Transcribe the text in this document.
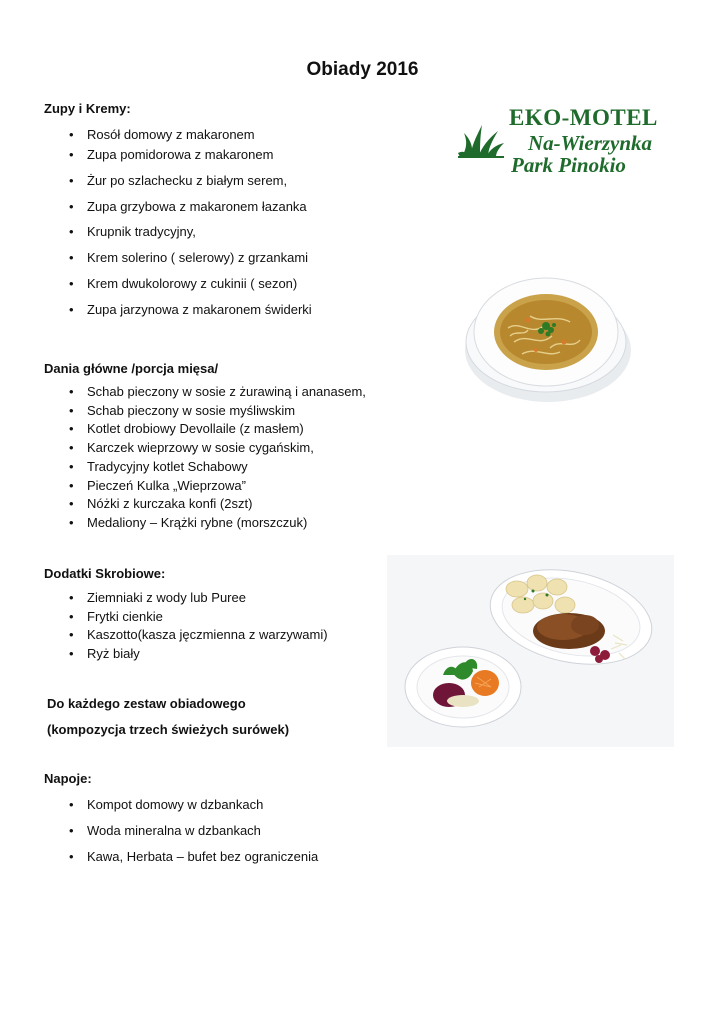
Obiady 2016
EKO-MOTEL
Na-Wierzynka
Park Pinokio

Zupy i Kremy:

• Rosół domowy z makaronem
• Zupa pomidorowa z makaronem
• Żur po szlachecku z białym serem,
• Zupa grzybowa z makaronem łazanka
• Krupnik tradycyjny,
• Krem solerino ( selerowy) z grzankami
• Krem dwukolorowy z cukinii ( sezon)
• Zupa jarzynowa z makaronem świderki

Dania główne /porcja mięsa/

• Schab pieczony w sosie z żurawiną i ananasem,
• Schab pieczony w sosie myśliwskim
• Kotlet drobiowy Devollaile (z masłem)
• Karczek wieprzowy w sosie cygańskim,
• Tradycyjny kotlet Schabowy
• Pieczeń Kulka „Wieprzowa”
• Nóżki z kurczaka konfi (2szt)
• Medaliony – Krążki rybne (morszczuk)

Dodatki Skrobiowe:

• Ziemniaki z wody lub Puree
• Frytki cienkie
• Kaszotto(kasza jęczmienna z warzywami)
• Ryż biały

Do każdego zestaw obiadowego

(kompozycja trzech świeżych surówek)

Napoje:

• Kompot domowy w dzbankach
• Woda mineralna w dzbankach
• Kawa, Herbata – bufet bez ograniczenia
